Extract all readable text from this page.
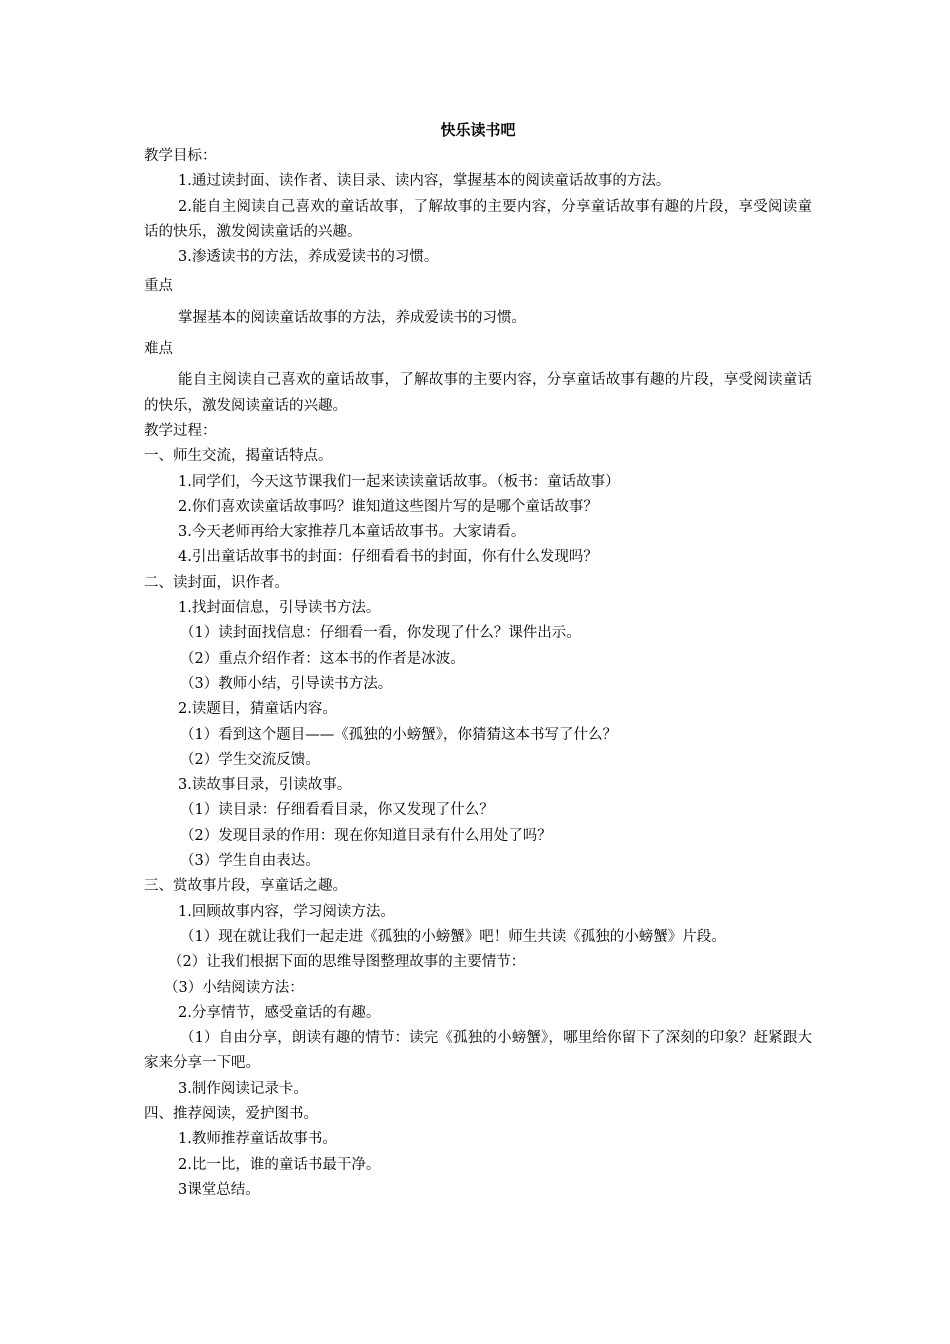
快乐读书吧
教学目标：
1.通过读封面、读作者、读目录、读内容，掌握基本的阅读童话故事的方法。
2.能自主阅读自己喜欢的童话故事，了解故事的主要内容，分享童话故事有趣的片段，享受阅读童话的快乐，激发阅读童话的兴趣。
3.渗透读书的方法，养成爱读书的习惯。
重点
掌握基本的阅读童话故事的方法，养成爱读书的习惯。
难点
能自主阅读自己喜欢的童话故事，了解故事的主要内容，分享童话故事有趣的片段，享受阅读童话的快乐，激发阅读童话的兴趣。
教学过程：
一、师生交流，揭童话特点。
1.同学们，今天这节课我们一起来读读童话故事。（板书：童话故事）
2.你们喜欢读童话故事吗？谁知道这些图片写的是哪个童话故事？
3.今天老师再给大家推荐几本童话故事书。大家请看。
4.引出童话故事书的封面：仔细看看书的封面，你有什么发现吗？
二、读封面，识作者。
1.找封面信息，引导读书方法。
（1）读封面找信息：仔细看一看，你发现了什么？课件出示。
（2）重点介绍作者：这本书的作者是冰波。
（3）教师小结，引导读书方法。
2.读题目，猜童话内容。
（1）看到这个题目——《孤独的小螃蟹》，你猜猜这本书写了什么？
（2）学生交流反馈。
3.读故事目录，引读故事。
（1）读目录：仔细看看目录，你又发现了什么？
（2）发现目录的作用：现在你知道目录有什么用处了吗？
（3）学生自由表达。
三、赏故事片段，享童话之趣。
1.回顾故事内容，学习阅读方法。
（1）现在就让我们一起走进《孤独的小螃蟹》吧！师生共读《孤独的小螃蟹》片段。
（2）让我们根据下面的思维导图整理故事的主要情节：
（3）小结阅读方法：
2.分享情节，感受童话的有趣。
（1）自由分享，朗读有趣的情节：读完《孤独的小螃蟹》，哪里给你留下了深刻的印象？赶紧跟大家来分享一下吧。
3.制作阅读记录卡。
四、推荐阅读，爱护图书。
1.教师推荐童话故事书。
2.比一比，谁的童话书最干净。
3课堂总结。
